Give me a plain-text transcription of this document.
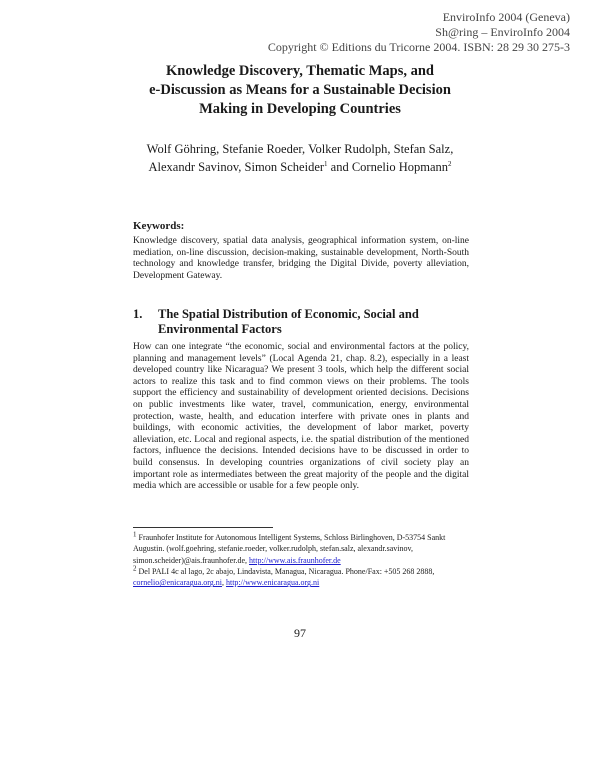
EnviroInfo 2004 (Geneva)
Sh@ring – EnviroInfo 2004
Copyright © Editions du Tricorne 2004. ISBN: 28 29 30 275-3
Knowledge Discovery, Thematic Maps, and
e-Discussion as Means for a Sustainable Decision
Making in Developing Countries
Wolf Göhring, Stefanie Roeder, Volker Rudolph, Stefan Salz,
Alexandr Savinov, Simon Scheider$^1$ and Cornelio Hopmann$^2$
Keywords:
Knowledge discovery, spatial data analysis, geographical information system, on-line mediation, on-line discussion, decision-making, sustainable development, North-South technology and knowledge transfer, bridging the Digital Divide, poverty alleviation, Development Gateway.
1. The Spatial Distribution of Economic, Social and Environmental Factors
How can one integrate “the economic, social and environmental factors at the policy, planning and management levels” (Local Agenda 21, chap. 8.2), especially in a least developed country like Nicaragua? We present 3 tools, which help the different social actors to realize this task and to find common views on their problems. The tools support the efficiency and sustainability of development oriented decisions. Decisions on public investments like water, travel, communication, energy, environmental protection, waste, health, and education interfere with private ones in plants and buildings, with economic activities, the development of labor market, poverty alleviation, etc. Local and regional aspects, i.e. the spatial distribution of the mentioned factors, influence the decisions. Intended decisions have to be discussed in order to build consensus. In developing countries organizations of civil society play an important role as intermediates between the great majority of the people and the digital media which are accessible or usable for a few people only.

$^1$ Fraunhofer Institute for Autonomous Intelligent Systems, Schloss Birlinghoven, D-53754 Sankt Augustin. (wolf.goehring, stefanie.roeder, volker.rudolph, stefan.salz, alexandr.savinov, simon.scheider)@ais.fraunhofer.de, http://www.ais.fraunhofer.de

$^2$ Del PALI 4c al lago, 2c abajo, Lindavista, Managua, Nicaragua. Phone/Fax: +505 268 2888, cornelio@enicaragua.org.ni, http://www.enicaragua.org.ni

97
